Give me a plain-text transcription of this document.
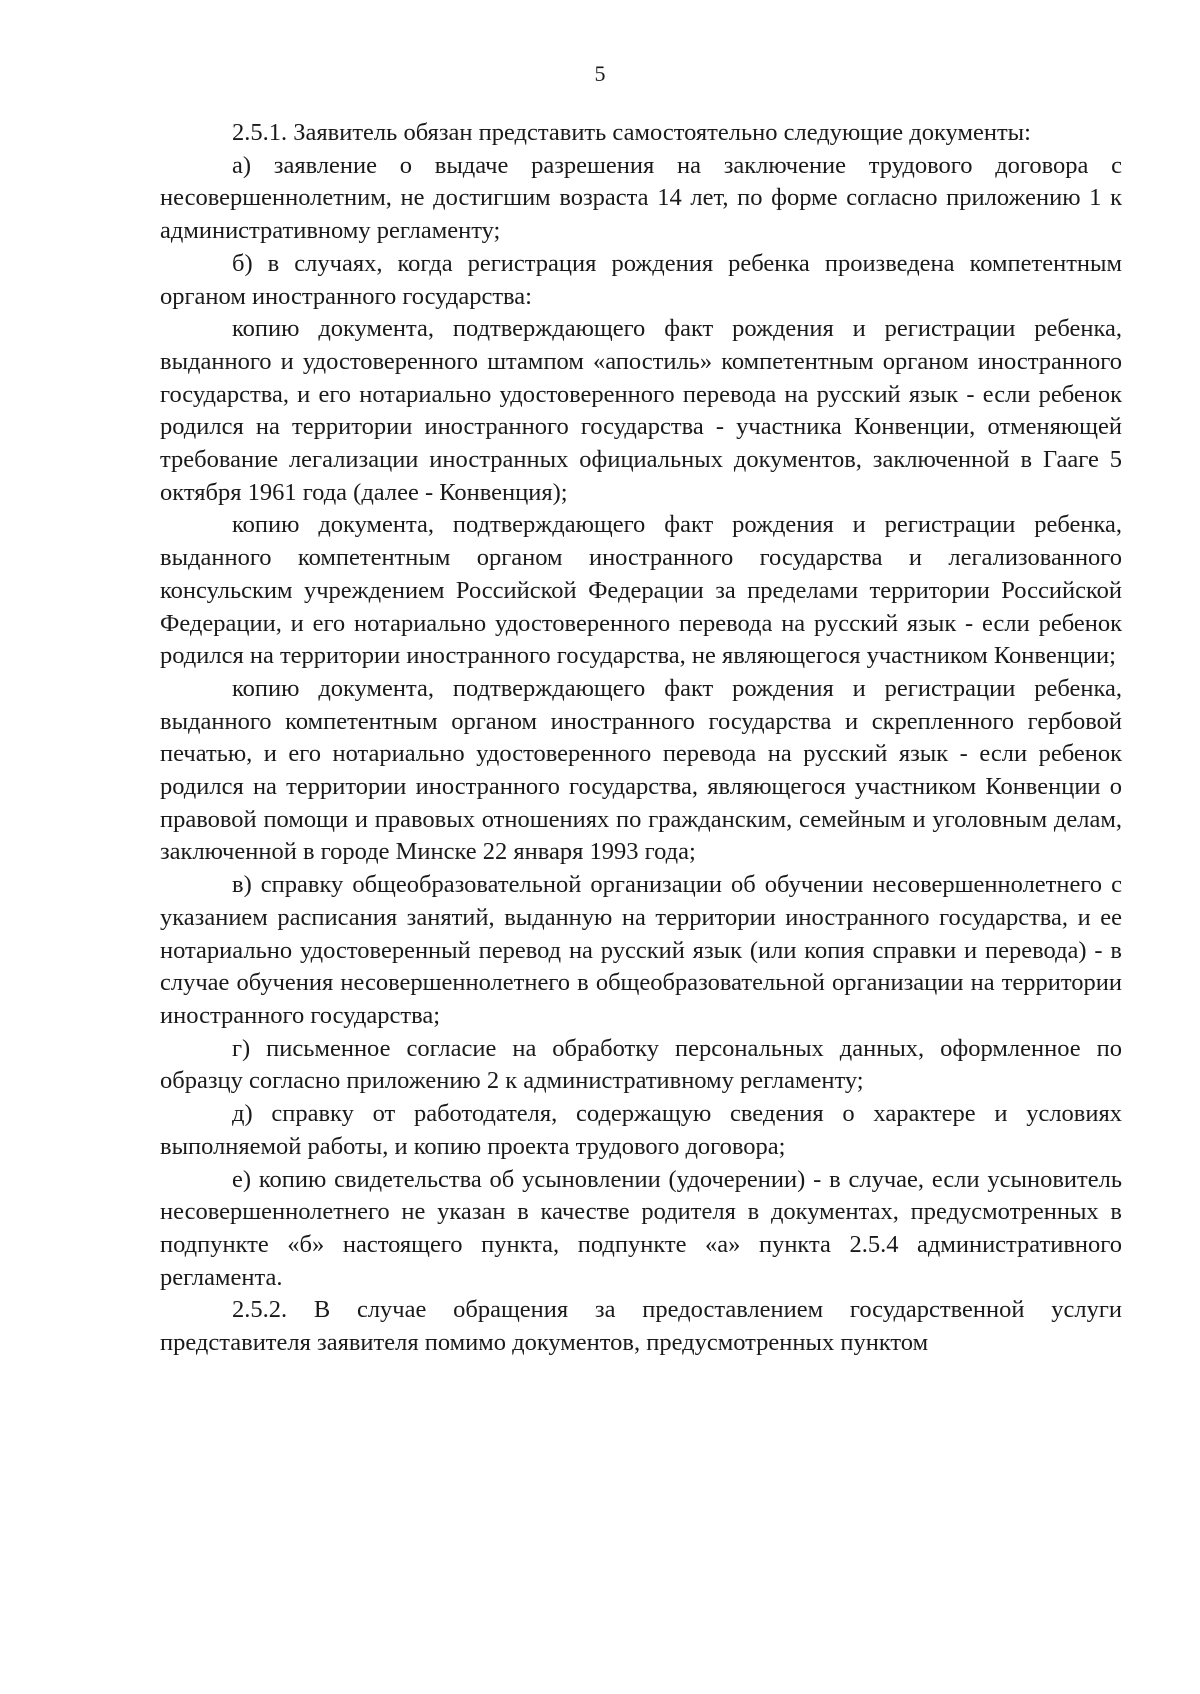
5

2.5.1. Заявитель обязан представить самостоятельно следующие документы:

а) заявление о выдаче разрешения на заключение трудового договора с несовершеннолетним, не достигшим возраста 14 лет, по форме согласно приложению 1 к административному регламенту;

б) в случаях, когда регистрация рождения ребенка произведена компетентным органом иностранного государства:

копию документа, подтверждающего факт рождения и регистрации ребенка, выданного и удостоверенного штампом «апостиль» компетентным органом иностранного государства, и его нотариально удостоверенного перевода на русский язык - если ребенок родился на территории иностранного государства - участника Конвенции, отменяющей требование легализации иностранных официальных документов, заключенной в Гааге 5 октября 1961 года (далее - Конвенция);

копию документа, подтверждающего факт рождения и регистрации ребенка, выданного компетентным органом иностранного государства и легализованного консульским учреждением Российской Федерации за пределами территории Российской Федерации, и его нотариально удостоверенного перевода на русский язык - если ребенок родился на территории иностранного государства, не являющегося участником Конвенции;

копию документа, подтверждающего факт рождения и регистрации ребенка, выданного компетентным органом иностранного государства и скрепленного гербовой печатью, и его нотариально удостоверенного перевода на русский язык - если ребенок родился на территории иностранного государства, являющегося участником Конвенции о правовой помощи и правовых отношениях по гражданским, семейным и уголовным делам, заключенной в городе Минске 22 января 1993 года;

в) справку общеобразовательной организации об обучении несовершеннолетнего с указанием расписания занятий, выданную на территории иностранного государства, и ее нотариально удостоверенный перевод на русский язык (или копия справки и перевода) - в случае обучения несовершеннолетнего в общеобразовательной организации на территории иностранного государства;

г) письменное согласие на обработку персональных данных, оформленное по образцу согласно приложению 2 к административному регламенту;

д) справку от работодателя, содержащую сведения о характере и условиях выполняемой работы, и копию проекта трудового договора;

е) копию свидетельства об усыновлении (удочерении) - в случае, если усыновитель несовершеннолетнего не указан в качестве родителя в документах, предусмотренных в подпункте «б» настоящего пункта, подпункте «а» пункта 2.5.4 административного регламента.

2.5.2. В случае обращения за предоставлением государственной услуги представителя заявителя помимо документов, предусмотренных пунктом
